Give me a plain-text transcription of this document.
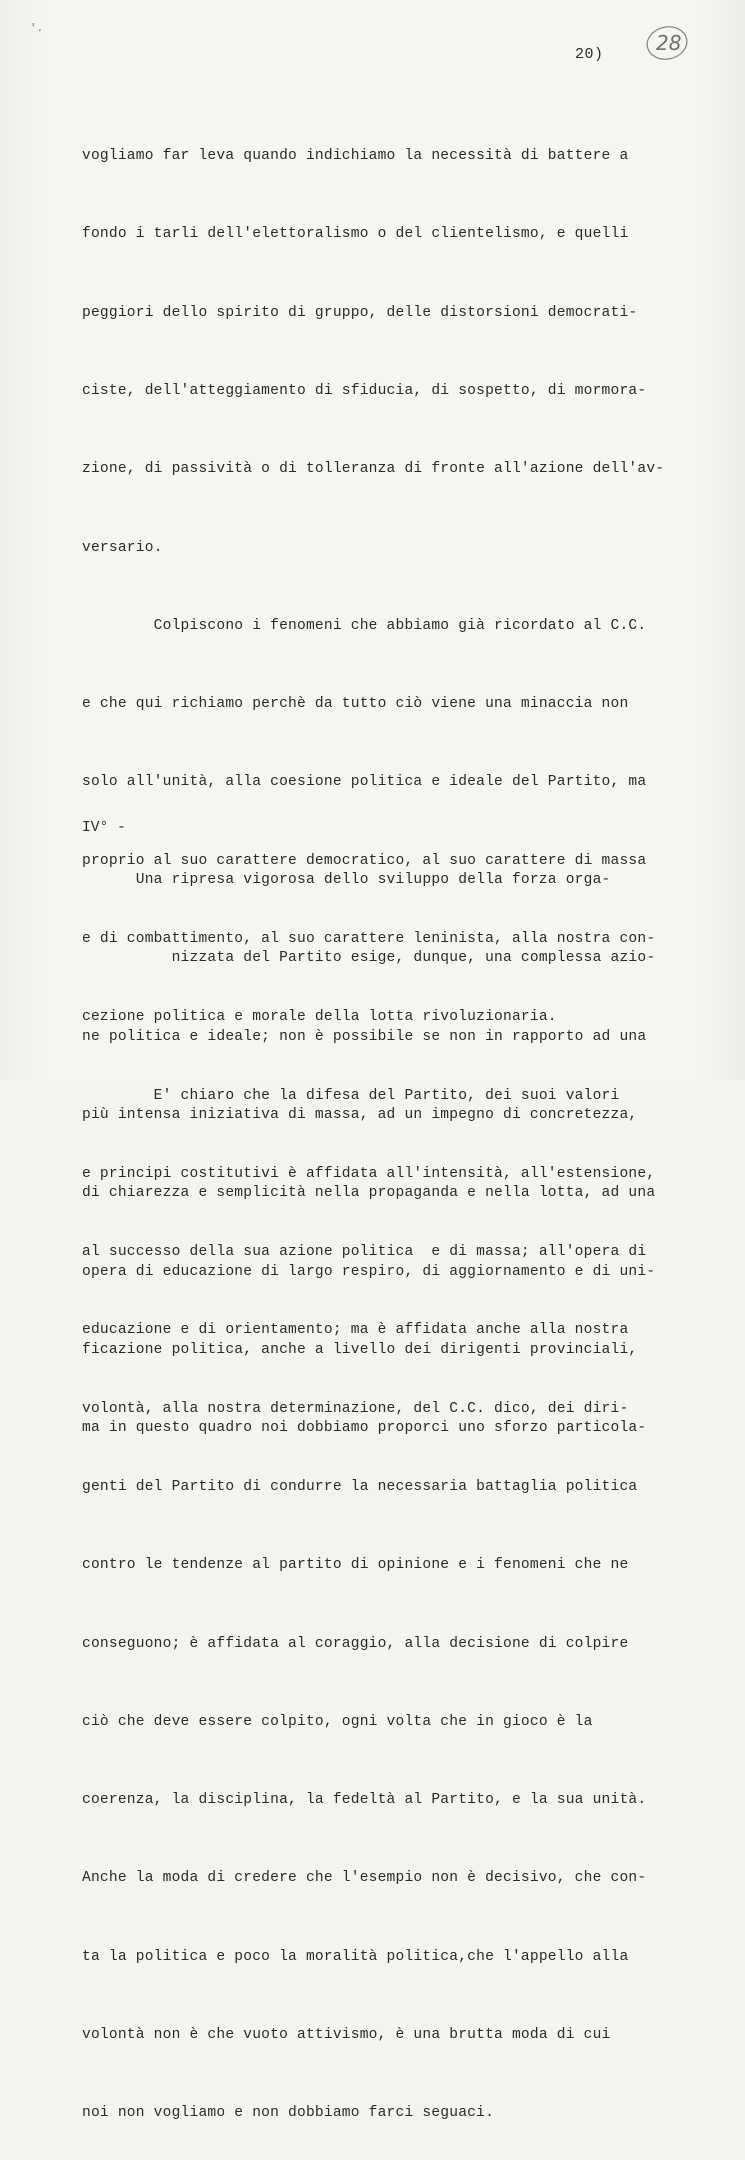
'.
20)	28

vogliamo far leva quando indichiamo la necessità di battere a

fondo i tarli dell'elettoralismo o del clientelismo, e quelli

peggiori dello spirito di gruppo, delle distorsioni democrati-

ciste, dell'atteggiamento di sfiducia, di sospetto, di mormora-

zione, di passività o di tolleranza di fronte all'azione dell'av-

versario.

Colpiscono i fenomeni che abbiamo già ricordato al C.C.

e che qui richiamo perchè da tutto ciò viene una minaccia non

solo all'unità, alla coesione politica e ideale del Partito, ma

proprio al suo carattere democratico, al suo carattere di massa

e di combattimento, al suo carattere leninista, alla nostra con-

cezione politica e morale della lotta rivoluzionaria.

E' chiaro che la difesa del Partito, dei suoi valori

e principi costitutivi è affidata all'intensità, all'estensione,

al successo della sua azione politica  e di massa; all'opera di

educazione e di orientamento; ma è affidata anche alla nostra

volontà, alla nostra determinazione, del C.C. dico, dei diri-

genti del Partito di condurre la necessaria battaglia politica

contro le tendenze al partito di opinione e i fenomeni che ne

conseguono; è affidata al coraggio, alla decisione di colpire

ciò che deve essere colpito, ogni volta che in gioco è la

coerenza, la disciplina, la fedeltà al Partito, e la sua unità.

Anche la moda di credere che l'esempio non è decisivo, che con-

ta la politica e poco la moralità politica,che l'appello alla

volontà non è che vuoto attivismo, è una brutta moda di cui

noi non vogliamo e non dobbiamo farci seguaci.

IV° -

Una ripresa vigorosa dello sviluppo della forza orga-

nizzata del Partito esige, dunque, una complessa azio-

ne politica e ideale; non è possibile se non in rapporto ad una

più intensa iniziativa di massa, ad un impegno di concretezza,

di chiarezza e semplicità nella propaganda e nella lotta, ad una

opera di educazione di largo respiro, di aggiornamento e di uni-

ficazione politica, anche a livello dei dirigenti provinciali,

ma in questo quadro noi dobbiamo proporci uno sforzo particola-
